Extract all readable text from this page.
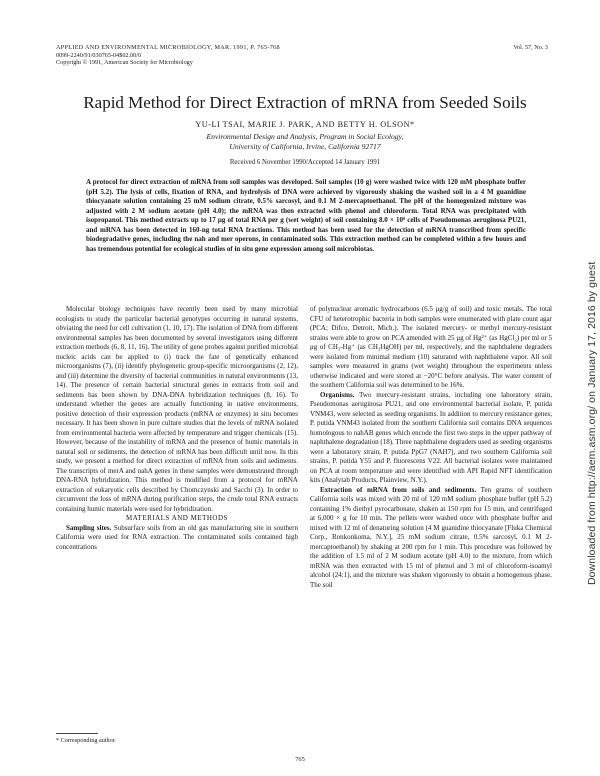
APPLIED AND ENVIRONMENTAL MICROBIOLOGY, MAR. 1991, P. 765-768
0099-2240/91/030765-04$02.00/0
Copyright © 1991, American Society for Microbiology
Vol. 57, No. 3
Rapid Method for Direct Extraction of mRNA from Seeded Soils
YU-LI TSAI, MARIE J. PARK, AND BETTY H. OLSON*
Environmental Design and Analysis, Program in Social Ecology,
University of California, Irvine, California 92717
Received 6 November 1990/Accepted 14 January 1991
A protocol for direct extraction of mRNA from soil samples was developed. Soil samples (10 g) were washed twice with 120 mM phosphate buffer (pH 5.2). The lysis of cells, fixation of RNA, and hydrolysis of DNA were achieved by vigorously shaking the washed soil in a 4 M guanidine thiocyanate solution containing 25 mM sodium citrate, 0.5% sarcosyl, and 0.1 M 2-mercaptoethanol. The pH of the homogenized mixture was adjusted with 2 M sodium acetate (pH 4.0); the mRNA was then extracted with phenol and chloroform. Total RNA was precipitated with isopropanol. This method extracts up to 17 μg of total RNA per g (wet weight) of soil containing 8.0 × 10⁸ cells of Pseudomonas aeruginosa PU21, and mRNA has been detected in 160-ng total RNA fractions. This method has been used for the detection of mRNA transcribed from specific biodegradative genes, including the nah and mer operons, in contaminated soils. This extraction method can be completed within a few hours and has tremendous potential for ecological studies of in situ gene expression among soil microbiotas.

Molecular biology techniques have recently been used by many microbial ecologists to study the particular bacterial genotypes occurring in natural systems, obviating the need for cell cultivation (1, 10, 17). The isolation of DNA from different environmental samples has been documented by several investigators using different extraction methods (6, 8, 11, 16). The utility of gene probes against purified microbial nucleic acids can be applied to (i) track the fate of genetically enhanced microorganisms (7), (ii) identify phylogenetic group-specific microorganisms (2, 12), and (iii) determine the diversity of bacterial communities in natural environments (13, 14). The presence of certain bacterial structural genes in extracts from soil and sediments has been shown by DNA-DNA hybridization techniques (8, 16). To understand whether the genes are actually functioning in native environments, positive detection of their expression products (mRNA or enzymes) in situ becomes necessary. It has been shown in pure culture studies that the levels of mRNA isolated from environmental bacteria were affected by temperature and trigger chemicals (15). However, because of the instability of mRNA and the presence of humic materials in natural soil or sediments, the detection of mRNA has been difficult until now. In this study, we present a method for direct extraction of mRNA from soils and sediments. The transcripts of merA and nahA genes in these samples were demonstrated through DNA-RNA hybridization. This method is modified from a protocol for mRNA extraction of eukaryotic cells described by Chomczynski and Sacchi (3). In order to circumvent the loss of mRNA during purification steps, the crude total RNA extracts containing humic materials were used for hybridization.

MATERIALS AND METHODS

Sampling sites. Subsurface soils from an old gas manufacturing site in southern California were used for RNA extraction. The contaminated soils contained high concentrations

of polynuclear aromatic hydrocarbons (6.5 μg/g of soil) and toxic metals. The total CFU of heterotrophic bacteria in both samples were enumerated with plate count agar (PCA; Difco, Detroit, Mich.). The isolated mercury- or methyl mercury-resistant strains were able to grow on PCA amended with 25 μg of Hg²⁺ (as HgCl₂) per ml or 5 μg of CH₃-Hg⁺ (as CH₃HgOH) per ml, respectively, and the naphthalene degraders were isolated from minimal medium (10) saturated with naphthalene vapor. All soil samples were measured in grams (wet weight) throughout the experiments unless otherwise indicated and were stored at −20°C before analysis. The water content of the southern California soil was determined to be 16%.

Organisms. Two mercury-resistant strains, including one laboratory strain, Pseudomonas aeruginosa PU21, and one environmental bacterial isolate, P. putida VNM43, were selected as seeding organisms. In addition to mercury resistance genes, P. putida VNM43 isolated from the southern California soil contains DNA sequences homologous to nahAB genes which encode the first two steps in the upper pathway of naphthalene degradation (18). Three naphthalene degraders used as seeding organisms were a laboratory strain, P. putida PpG7 (NAH7), and two southern California soil strains, P. putida Y55 and P. fluorescens V22. All bacterial isolates were maintained on PCA at room temperature and were identified with API Rapid NFT identification kits (Analytab Products, Plainview, N.Y.).

Extraction of mRNA from soils and sediments. Ten grams of southern California soils was mixed with 20 ml of 120 mM sodium phosphate buffer (pH 5.2) containing 1% diethyl pyrocarbonate, shaken at 150 rpm for 15 min, and centrifuged at 6,000 × g for 10 min. The pellets were washed once with phosphate buffer and mixed with 12 ml of denaturing solution (4 M guanidine thiocyanate [Fluka Chemical Corp., Ronkonkoma, N.Y.], 25 mM sodium citrate, 0.5% sarcosyl, 0.1 M 2-mercaptoethanol) by shaking at 200 rpm for 1 min. This procedure was followed by the addition of 1.5 ml of 2 M sodium acetate (pH 4.0) to the mixture, from which mRNA was then extracted with 15 ml of phenol and 3 ml of chloroform-isoamyl alcohol (24:1), and the mixture was shaken vigorously to obtain a homogenous phase. The soil

* Corresponding author.
765
Downloaded from http://aem.asm.org/ on January 17, 2016 by guest
